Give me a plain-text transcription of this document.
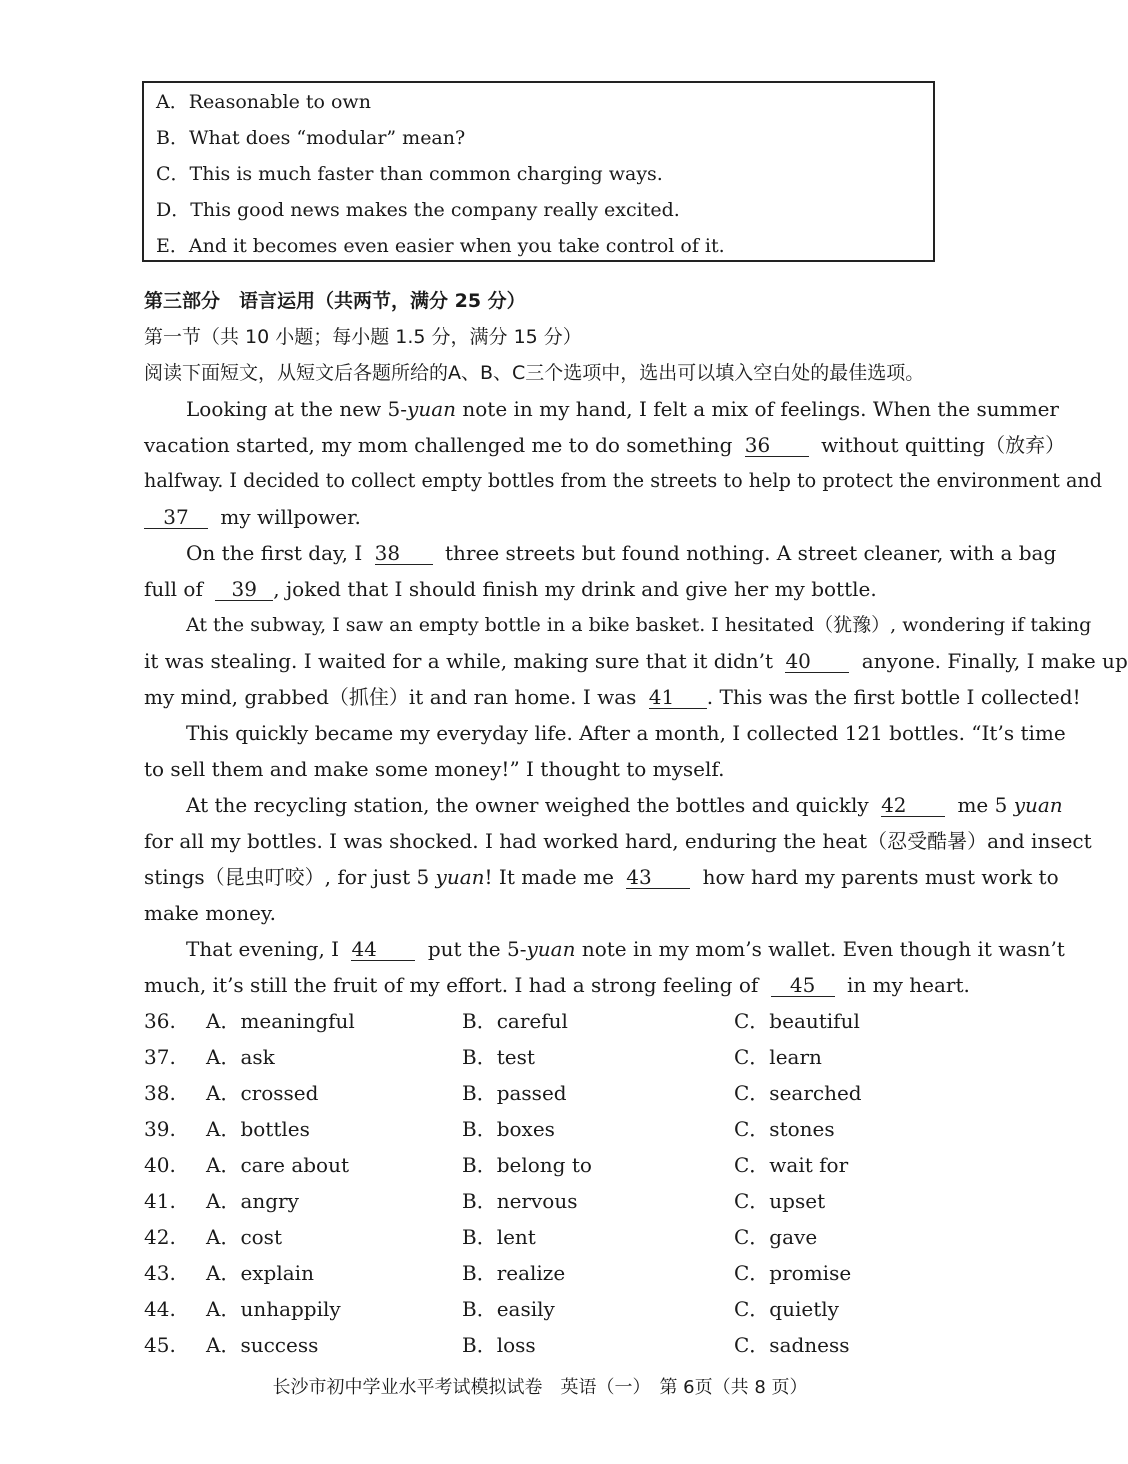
A．Reasonable to own
B．What does “modular” mean?
C．This is much faster than common charging ways.
D．This good news makes the company really excited.
E．And it becomes even easier when you take control of it.
第三部分　语言运用（共两节，满分 25 分）
第一节（共 10 小题；每小题 1.5 分，满分 15 分）
阅读下面短文，从短文后各题所给的A、B、C三个选项中，选出可以填入空白处的最佳选项。
Looking at the new 5-yuan note in my hand, I felt a mix of feelings. When the summer
vacation started, my mom challenged me to do something 36	without quitting（放弃）
halfway. I decided to collect empty bottles from the streets to help to protect the environment and
37 my willpower.
On the first day, I 38 three streets but found nothing. A street cleaner, with a bag
full of 39 , joked that I should finish my drink and give her my bottle.
At the subway, I saw an empty bottle in a bike basket. I hesitated（犹豫）, wondering if taking
it was stealing. I waited for a while, making sure that it didn’t 40	anyone. Finally, I make up
my mind, grabbed（抓住）it and ran home. I was 41 . This was the first bottle I collected!
This quickly became my everyday life. After a month, I collected 121 bottles. “It’s time
to sell them and make some money!” I thought to myself.
At the recycling station, the owner weighed the bottles and quickly 42	me 5 yuan
for all my bottles. I was shocked. I had worked hard, enduring the heat（忍受酷暑）and insect
stings（昆虫叮咬）, for just 5 yuan! It made me 43	how hard my parents must work to
make money.
That evening, I 44	put the 5-yuan note in my mom’s wallet. Even though it wasn’t
much, it’s still the fruit of my effort. I had a strong feeling of 45 in my heart.
36. A．meaningful	B．careful	C．beautiful
37. A．ask	B．test	C．learn
38. A．crossed	B．passed	C．searched
39. A．bottles	B．boxes	C．stones
40. A．care about	B．belong to	C．wait for
41. A．angry	B．nervous	C．upset
42. A．cost	B．lent	C．gave
43. A．explain	B．realize	C．promise
44. A．unhappily	B．easily	C．quietly
45. A．success	B．loss	C．sadness
长沙市初中学业水平考试模拟试卷　英语（一）　第 6页（共 8 页）
